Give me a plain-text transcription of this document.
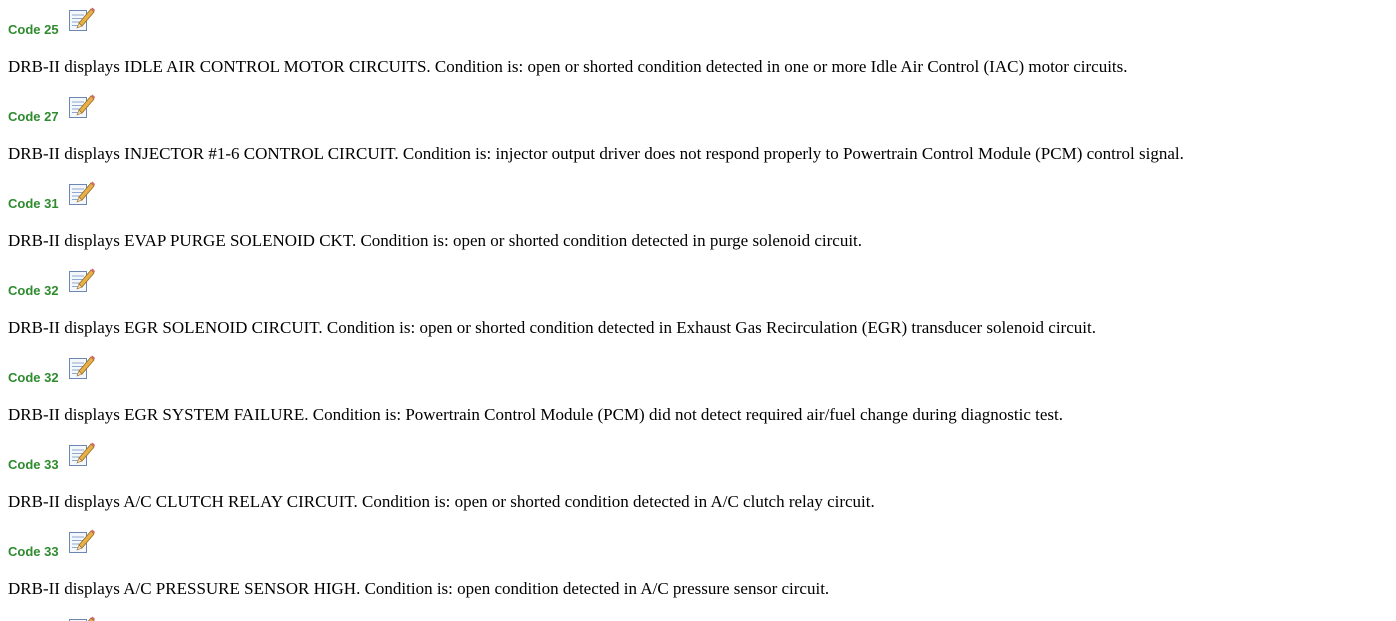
Code 25
DRB-II displays IDLE AIR CONTROL MOTOR CIRCUITS. Condition is: open or shorted condition detected in one or more Idle Air Control (IAC) motor circuits.
Code 27
DRB-II displays INJECTOR #1-6 CONTROL CIRCUIT. Condition is: injector output driver does not respond properly to Powertrain Control Module (PCM) control signal.
Code 31
DRB-II displays EVAP PURGE SOLENOID CKT. Condition is: open or shorted condition detected in purge solenoid circuit.
Code 32
DRB-II displays EGR SOLENOID CIRCUIT. Condition is: open or shorted condition detected in Exhaust Gas Recirculation (EGR) transducer solenoid circuit.
Code 32
DRB-II displays EGR SYSTEM FAILURE. Condition is: Powertrain Control Module (PCM) did not detect required air/fuel change during diagnostic test.
Code 33
DRB-II displays A/C CLUTCH RELAY CIRCUIT. Condition is: open or shorted condition detected in A/C clutch relay circuit.
Code 33
DRB-II displays A/C PRESSURE SENSOR HIGH. Condition is: open condition detected in A/C pressure sensor circuit.
